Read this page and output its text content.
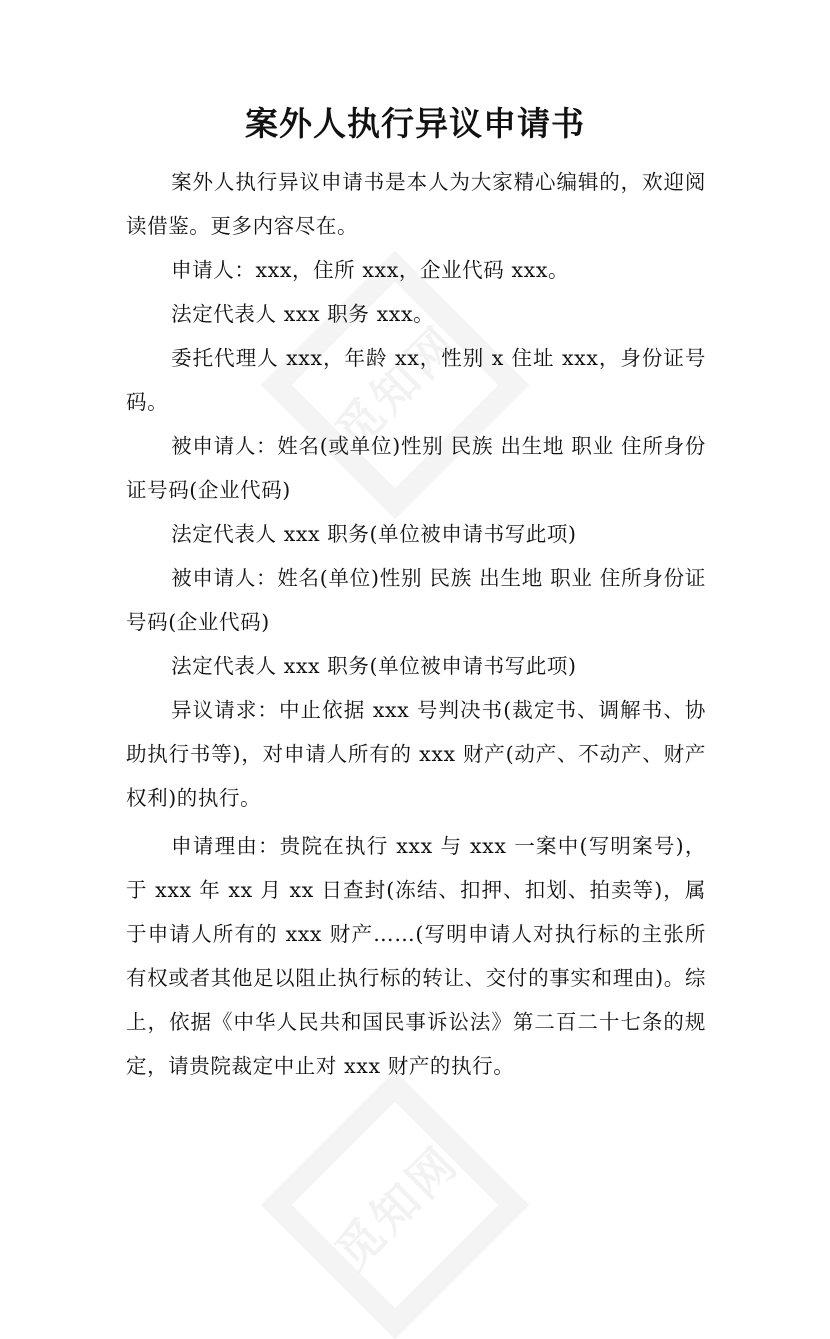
觅知网
觅知网
案外人执行异议申请书

案外人执行异议申请书是本人为大家精心编辑的，欢迎阅读借鉴。更多内容尽在。

申请人：xxx，住所 xxx，企业代码 xxx。

法定代表人 xxx 职务 xxx。

委托代理人 xxx，年龄 xx，性别 x 住址 xxx，身份证号码。

被申请人：姓名(或单位)性别 民族 出生地 职业 住所身份证号码(企业代码)

法定代表人 xxx 职务(单位被申请书写此项)

被申请人：姓名(单位)性别 民族 出生地 职业 住所身份证号码(企业代码)

法定代表人 xxx 职务(单位被申请书写此项)

异议请求：中止依据 xxx 号判决书(裁定书、调解书、协助执行书等)，对申请人所有的 xxx 财产(动产、不动产、财产权利)的执行。

申请理由：贵院在执行 xxx 与 xxx 一案中(写明案号)，于 xxx 年 xx 月 xx 日查封(冻结、扣押、扣划、拍卖等)，属于申请人所有的 xxx 财产……(写明申请人对执行标的主张所有权或者其他足以阻止执行标的转让、交付的事实和理由)。综上，依据《中华人民共和国民事诉讼法》第二百二十七条的规定，请贵院裁定中止对 xxx 财产的执行。
